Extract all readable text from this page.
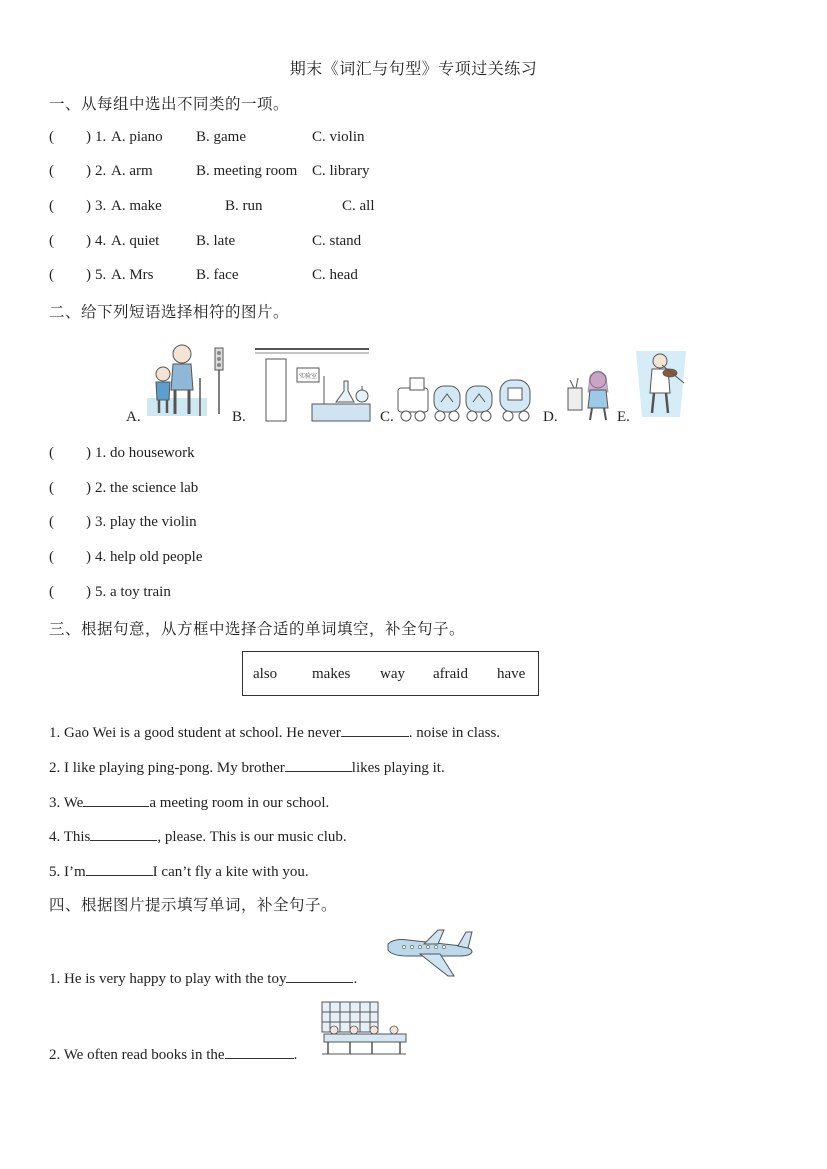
期末《词汇与句型》专项过关练习
一、从每组中选出不同类的一项。
( ) 1. A. piano B. game	C. violin
( ) 2. A. arm	B. meeting room C. library
( ) 3. A. make	B. run	C. all
( ) 4. A. quiet B. late	C. stand
( ) 5. A. Mrs	B. face	C. head
二、给下列短语选择相符的图片。
A.
实验室
B.	C.	D.	E.
( ) 1. do housework
( ) 2. the science lab
( ) 3. play the violin
( ) 4. help old people
( ) 5. a toy train
三、根据句意，从方框中选择合适的单词填空，补全句子。
also makes way afraid have
1. Gao Wei is a good student at school. He never	. noise in class.
2. I like playing ping-pong. My brother	likes playing it.
3. We	a meeting room in our school.
4. This	, please. This is our music club.
5. I’m	I can’t fly a kite with you.
四、根据图片提示填写单词，补全句子。
1. He is very happy to play with the toy	.
2. We often read books in the	.
